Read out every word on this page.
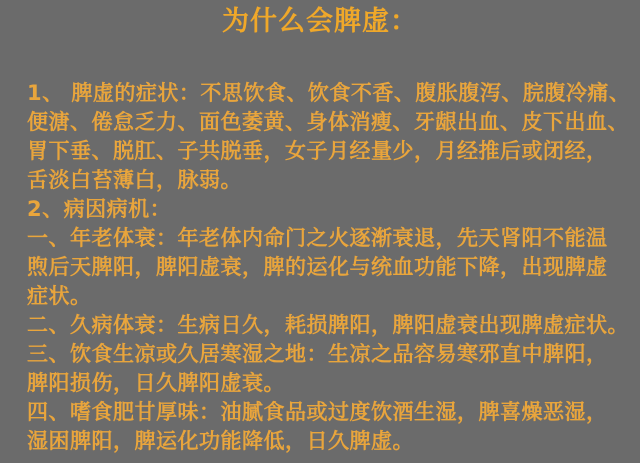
为什么会脾虚：
1、 脾虚的症状：不思饮食、饮食不香、腹胀腹泻、脘腹冷痛、
便溏、倦怠乏力、面色萎黄、身体消瘦、牙龈出血、皮下出血、
胃下垂、脱肛、子共脱垂，女子月经量少，月经推后或闭经，
舌淡白苔薄白，脉弱。
2、病因病机：
一、年老体衰：年老体内命门之火逐渐衰退，先天肾阳不能温
煦后天脾阳，脾阳虚衰，脾的运化与统血功能下降，出现脾虚
症状。
二、久病体衰：生病日久，耗损脾阳，脾阳虚衰出现脾虚症状。
三、饮食生凉或久居寒湿之地：生凉之品容易寒邪直中脾阳，
脾阳损伤，日久脾阳虚衰。
四、嗜食肥甘厚味：油腻食品或过度饮酒生湿，脾喜燥恶湿，
湿困脾阳，脾运化功能降低，日久脾虚。
